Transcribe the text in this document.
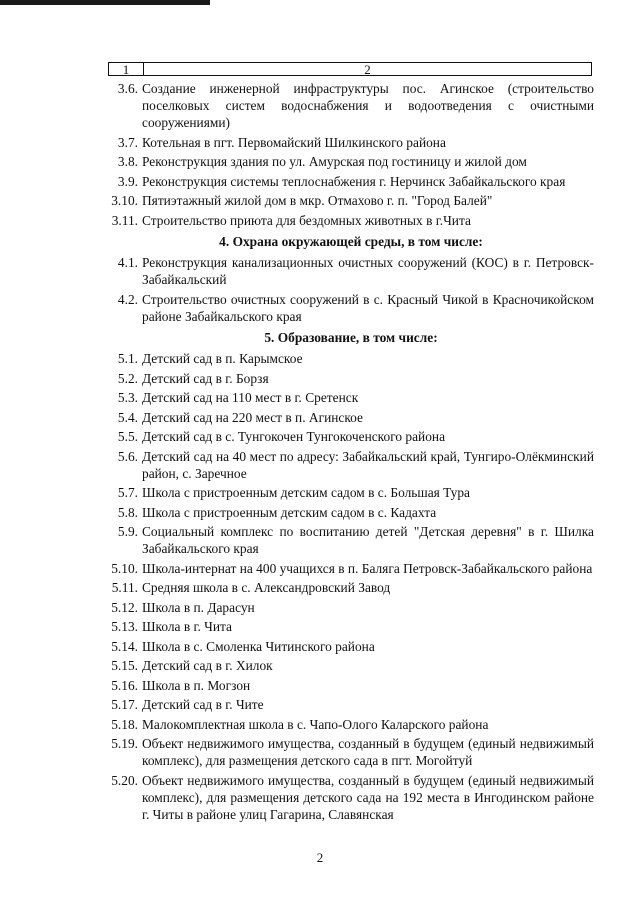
1	2
3.6. Создание инженерной инфраструктуры пос. Агинское (строительство поселковых систем водоснабжения и водоотведения с очистными сооружениями)
3.7. Котельная в пгт. Первомайский Шилкинского района
3.8. Реконструкция здания по ул. Амурская под гостиницу и жилой дом
3.9. Реконструкция системы теплоснабжения г. Нерчинск Забайкальского края
3.10. Пятиэтажный жилой дом в мкр. Отмахово г. п. "Город Балей"
3.11. Строительство приюта для бездомных животных в г.Чита
4. Охрана окружающей среды, в том числе:
4.1. Реконструкция канализационных очистных сооружений (КОС) в г. Петровск-Забайкальский
4.2. Строительство очистных сооружений в с. Красный Чикой в Красночикойском районе Забайкальского края
5. Образование, в том числе:
5.1. Детский сад в п. Карымское
5.2. Детский сад в г. Борзя
5.3. Детский сад на 110 мест в г. Сретенск
5.4. Детский сад на 220 мест в п. Агинское
5.5. Детский сад в с. Тунгокочен Тунгокоченского района
5.6. Детский сад на 40 мест по адресу: Забайкальский край, Тунгиро-Олёкминский район, с. Заречное
5.7. Школа с пристроенным детским садом в с. Большая Тура
5.8. Школа с пристроенным детским садом в с. Кадахта
5.9. Социальный комплекс по воспитанию детей "Детская деревня" в г. Шилка Забайкальского края
5.10. Школа-интернат на 400 учащихся в п. Баляга Петровск-Забайкальского района
5.11. Средняя школа в с. Александровский Завод
5.12. Школа в п. Дарасун
5.13. Школа в г. Чита
5.14. Школа в с. Смоленка Читинского района
5.15. Детский сад в г. Хилок
5.16. Школа в п. Могзон
5.17. Детский сад в г. Чите
5.18. Малокомплектная школа в с. Чапо-Ологo Каларского района
5.19. Объект недвижимого имущества, созданный в будущем (единый недвижимый комплекс), для размещения детского сада в пгт. Могойтуй
5.20. Объект недвижимого имущества, созданный в будущем (единый недвижимый комплекс), для размещения детского сада на 192 места в Ингодинском районе г. Читы в районе улиц Гагарина, Славянская
2
